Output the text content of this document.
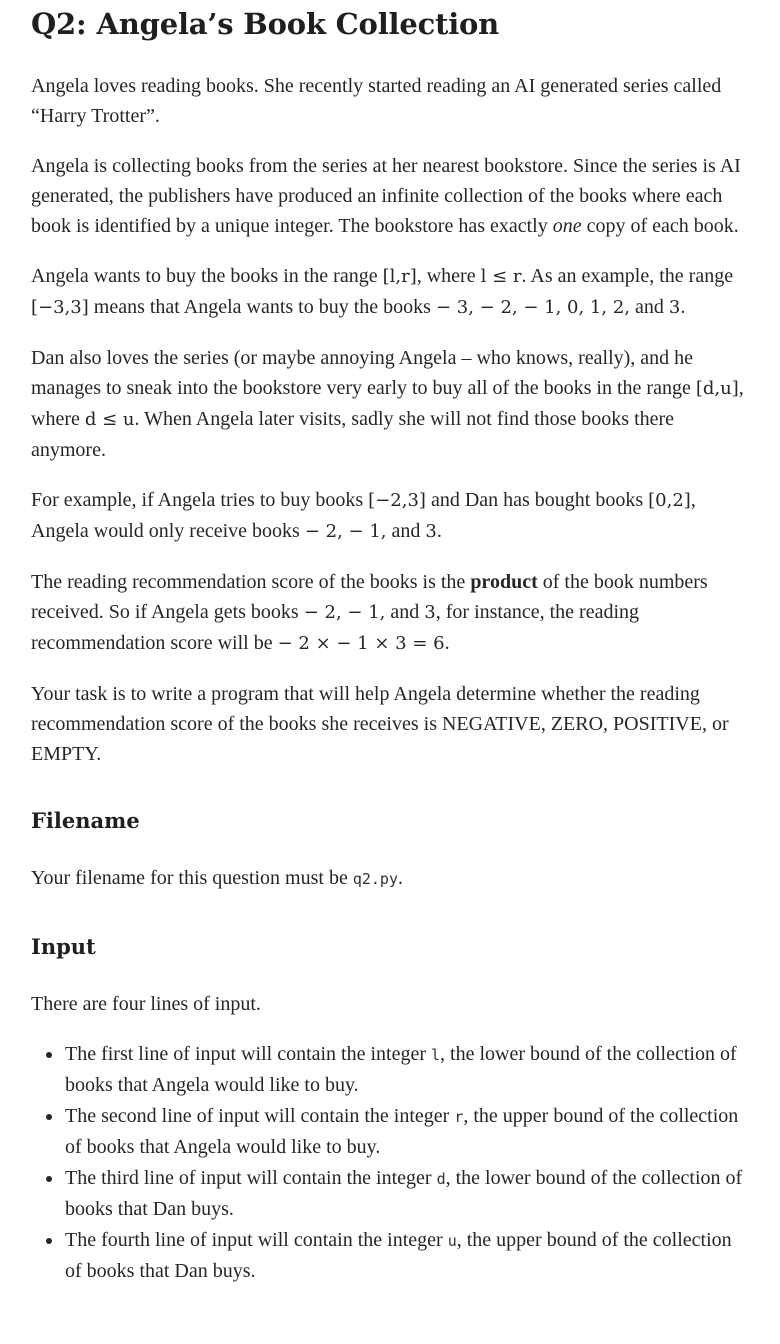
Q2: Angela’s Book Collection

Angela loves reading books. She recently started reading an AI generated series called “Harry Trotter”.

Angela is collecting books from the series at her nearest bookstore. Since the series is AI generated, the publishers have produced an infinite collection of the books where each book is identified by a unique integer. The bookstore has exactly one copy of each book.

Angela wants to buy the books in the range [l,r], where l ≤ r. As an example, the range [−3,3] means that Angela wants to buy the books − 3, − 2, − 1, 0, 1, 2, and 3.

Dan also loves the series (or maybe annoying Angela – who knows, really), and he manages to sneak into the bookstore very early to buy all of the books in the range [d,u], where d ≤ u. When Angela later visits, sadly she will not find those books there anymore.

For example, if Angela tries to buy books [−2,3] and Dan has bought books [0,2], Angela would only receive books − 2, − 1, and 3.

The reading recommendation score of the books is the product of the book numbers received. So if Angela gets books − 2, − 1, and 3, for instance, the reading recommendation score will be − 2 × − 1 × 3 = 6.

Your task is to write a program that will help Angela determine whether the reading recommendation score of the books she receives is NEGATIVE, ZERO, POSITIVE, or EMPTY.

Filename

Your filename for this question must be q2.py.

Input

There are four lines of input.

The first line of input will contain the integer l, the lower bound of the collection of books that Angela would like to buy.
The second line of input will contain the integer r, the upper bound of the collection of books that Angela would like to buy.
The third line of input will contain the integer d, the lower bound of the collection of books that Dan buys.
The fourth line of input will contain the integer u, the upper bound of the collection of books that Dan buys.
